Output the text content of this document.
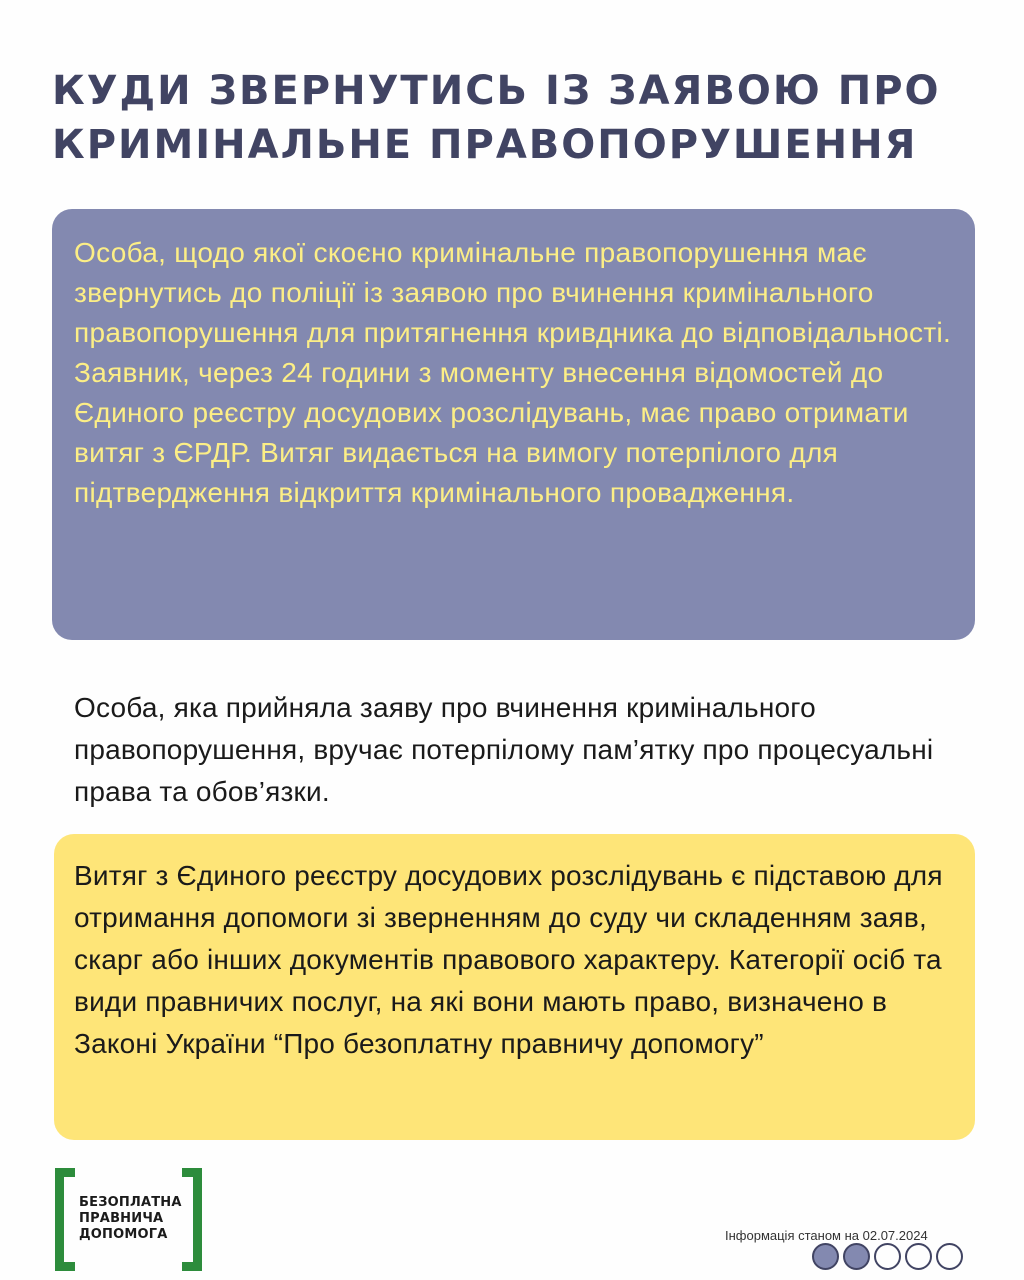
КУДИ ЗВЕРНУТИСЬ ІЗ ЗАЯВОЮ ПРО КРИМІНАЛЬНЕ ПРАВОПОРУШЕННЯ

Особа, щодо якої скоєно кримінальне правопорушення має звернутись до поліції із заявою про вчинення кримінального правопорушення для притягнення кривдника до відповідальності.
Заявник, через 24 години з моменту внесення відомостей до Єдиного реєстру досудових розслідувань, має право отримати витяг з ЄРДР. Витяг видається на вимогу потерпілого для підтвердження відкриття кримінального провадження.

Особа, яка прийняла заяву про вчинення кримінального правопорушення, вручає потерпілому пам’ятку про процесуальні права та обов’язки.

Витяг з Єдиного реєстру досудових розслідувань є підставою для отримання допомоги зі зверненням до суду чи складенням заяв, скарг або інших документів правового характеру. Категорії осіб та види правничих послуг, на які вони мають право, визначено в Законі України “Про безоплатну правничу допомогу”

БЕЗОПЛАТНА
ПРАВНИЧА
ДОПОМОГА	Інформація станом на 02.07.2024
